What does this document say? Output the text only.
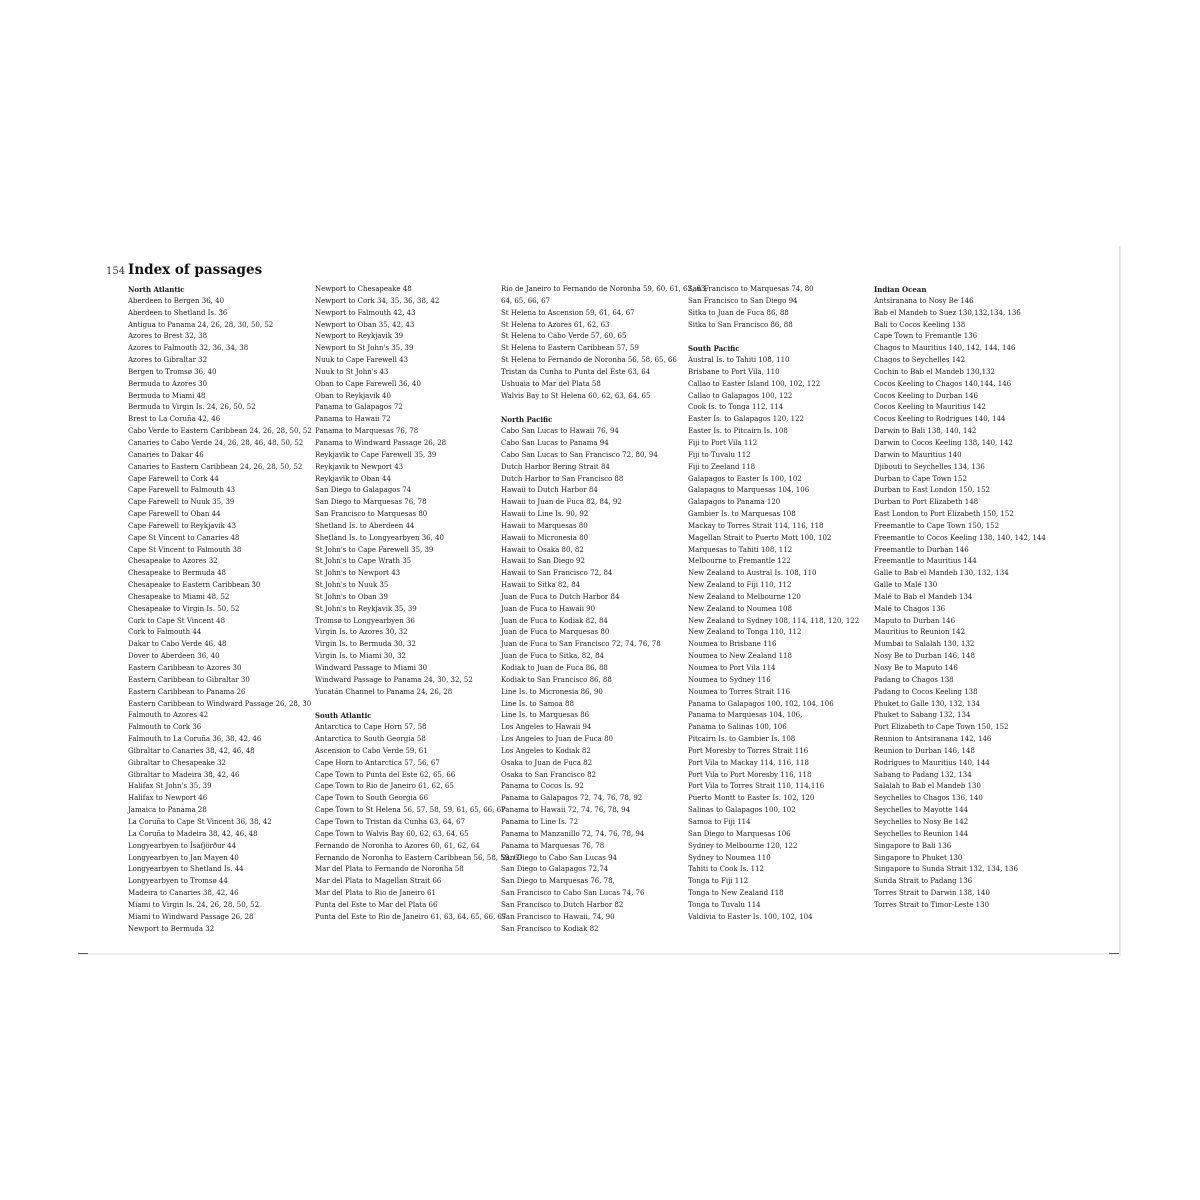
154 Index of passages
North Atlantic
Aberdeen to Bergen 36, 40
Aberdeen to Shetland Is. 36
Antigua to Panama 24, 26, 28, 30, 50, 52
Azores to Brest 32, 38
Azores to Falmouth 32, 36, 34, 38
Azores to Gibraltar 32
Bergen to Tromsø 36, 40
Bermuda to Azores 30
Bermuda to Miami 48
Bermuda to Virgin Is. 24, 26, 50, 52
Brest to La Coruña 42, 46
Cabo Verde to Eastern Caribbean 24, 26, 28, 50, 52
Canaries to Cabo Verde 24, 26, 28, 46, 48, 50, 52
Canaries to Dakar 46
Canaries to Eastern Caribbean 24, 26, 28, 50, 52
Cape Farewell to Cork 44
Cape Farewell to Falmouth 43
Cape Farewell to Nuuk 35, 39
Cape Farewell to Oban 44
Cape Farewell to Reykjavik 43
Cape St Vincent to Canaries 48
Cape St Vincent to Falmouth 38
Chesapeake to Azores 32
Chesapeake to Bermuda 48
Chesapeake to Eastern Caribbean 30
Chesapeake to Miami 48, 52
Chesapeake to Virgin Is. 50, 52
Cork to Cape St Vincent 48
Cork to Falmouth 44
Dakar to Cabo Verde 46, 48
Dover to Aberdeen 36, 40
Eastern Caribbean to Azores 30
Eastern Caribbean to Gibraltar 30
Eastern Caribbean to Panama 26
Eastern Caribbean to Windward Passage 26, 28, 30
Falmouth to Azores 42
Falmouth to Cork 36
Falmouth to La Coruña 36, 38, 42, 46
Gibraltar to Canaries 38, 42, 46, 48
Gibraltar to Chesapeake 32
Gibraltar to Madeira 38, 42, 46
Halifax St John's 35, 39
Halifax to Newport 46
Jamaica to Panama 28
La Coruña to Cape St Vincent 36, 38, 42
La Coruña to Madeira 38, 42, 46, 48
Longyearbyen to Ísafjörður 44
Longyearbyen to Jan Mayen 40
Longyearbyen to Shetland Is. 44
Longyearbyen to Tromsø 44
Madeira to Canaries 38, 42, 46
Miami to Virgin Is. 24, 26, 28, 50, 52
Miami to Windward Passage 26, 28
Newport to Bermuda 32
Newport to Chesapeake 48
Newport to Cork 34, 35, 36, 38, 42
Newport to Falmouth 42, 43
Newport to Oban 35, 42, 43
Newport to Reykjavik 39
Newport to St John's 35, 39
Nuuk to Cape Farewell 43
Nuuk to St John's 43
Oban to Cape Farewell 36, 40
Oban to Reykjavik 40
Panama to Galapagos 72
Panama to Hawaii 72
Panama to Marquesas 76, 78
Panama to Windward Passage 26, 28
Reykjavik to Cape Farewell 35, 39
Reykjavik to Newport 43
Reykjavik to Oban 44
San Diego to Galapagos 74
San Diego to Marquesas 76, 78
San Francisco to Marquesas 80
Shetland Is. to Aberdeen 44
Shetland Is. to Longyearbyen 36, 40
St John's to Cape Farewell 35, 39
St John's to Cape Wrath 35
St John's to Newport 43
St John's to Nuuk 35
St John's to Oban 39
St John's to Reykjavik 35, 39
Tromsø to Longyearbyen 36
Virgin Is. to Azores 30, 32
Virgin Is. to Bermuda 30, 32
Virgin Is. to Miami 30, 32
Windward Passage to Miami 30
Windward Passage to Panama 24, 30, 32, 52
Yucatán Channel to Panama 24, 26, 28
South Atlantic
Antarctica to Cape Horn 57, 58
Antarctica to South Georgia 58
Ascension to Cabo Verde 59, 61
Cape Horn to Antarctica 57, 56, 67
Cape Town to Punta del Este 62, 65, 66
Cape Town to Rio de Janeiro 61, 62, 65
Cape Town to South Georgia 66
Cape Town to St Helena 56, 57, 58, 59, 61, 65, 66, 67
Cape Town to Tristan da Cunha 63, 64, 67
Cape Town to Walvis Bay 60, 62, 63, 64, 65
Fernando de Noronha to Azores 60, 61, 62, 64
Fernando de Noronha to Eastern Caribbean 56, 58, 59, 67
Mar del Plata to Fernando de Noronha 58
Mar del Plata to Magellan Strait 66
Mar del Plata to Rio de Janeiro 61
Punta del Este to Mar del Plata 66
Punta del Este to Rio de Janeiro 61, 63, 64, 65, 66, 67
Rio de Janeiro to Fernando de Noronha 59, 60, 61, 62, 63,
64, 65, 66, 67
St Helena to Ascension 59, 61, 64, 67
St Helena to Azores 61, 62, 63
St Helena to Cabo Verde 57, 60, 65
St Helena to Eastern Caribbean 57, 59
St Helena to Fernando de Noronha 56, 58, 65, 66
Tristan da Cunha to Punta del Este 63, 64
Ushuaia to Mar del Plata 58
Walvis Bay to St Helena 60, 62, 63, 64, 65
North Pacific
Cabo San Lucas to Hawaii 76, 94
Cabo San Lucas to Panama 94
Cabo San Lucas to San Francisco 72, 80, 94
Dutch Harbor Bering Strait 84
Dutch Harbor to San Francisco 88
Hawaii to Dutch Harbor 84
Hawaii to Juan de Fuca 82, 84, 92
Hawaii to Line Is. 90, 92
Hawaii to Marquesas 80
Hawaii to Micronesia 80
Hawaii to Osaka 80, 82
Hawaii to San Diego 92
Hawaii to San Francisco 72, 84
Hawaii to Sitka 82, 84
Juan de Fuca to Dutch Harbor 84
Juan de Fuca to Hawaii 90
Juan de Fuca to Kodiak 82, 84
Juan de Fuca to Marquesas 80
Juan de Fuca to San Francisco 72, 74, 76, 78
Juan de Fuca to Sitka, 82, 84
Kodiak to Juan de Fuca 86, 88
Kodiak to San Francisco 86, 88
Line Is. to Micronesia 86, 90
Line Is. to Samoa 88
Line Is. to Marquesas 86
Los Angeles to Hawaii 94
Los Angeles to Juan de Fuca 80
Los Angeles to Kodiak 82
Osaka to Juan de Fuca 82
Osaka to San Francisco 82
Panama to Cocos Is. 92
Panama to Galapagos 72, 74, 76, 78, 92
Panama to Hawaii 72, 74, 76, 78, 94
Panama to Line Is. 72
Panama to Manzanillo 72, 74, 76, 78, 94
Panama to Marquesas 76, 78
San Diego to Cabo San Lucas 94
San Diego to Galapagos 72,74
San Diego to Marquesas 76, 78,
San Francisco to Cabo San Lucas 74, 76
San Francisco to Dutch Harbor 82
San Francisco to Hawaii, 74, 90
San Francisco to Kodiak 82
San Francisco to Marquesas 74, 80
San Francisco to San Diego 94
Sitka to Juan de Fuca 86, 88
Sitka to San Francisco 86, 88
South Pacific
Austral Is. to Tahiti 108, 110
Brisbane to Port Vila, 110
Callao to Easter Island 100, 102, 122
Callao to Galapagos 100, 122
Cook Is. to Tonga 112, 114
Easter Is. to Galapagos 120, 122
Easter Is. to Pitcairn Is. 108
Fiji to Port Vila 112
Fiji to Tuvalu 112
Fiji to Zeeland 118
Galapagos to Easter Is 100, 102
Galapagos to Marquesas 104, 106
Galapagos to Panama 120
Gambier Is. to Marquesas 108
Mackay to Torres Strait 114, 116, 118
Magellan Strait to Puerto Mott 100, 102
Marquesas to Tahiti 108, 112
Melbourne to Fremantle 122
New Zealand to Austral Is. 108, 110
New Zealand to Fiji 110, 112
New Zealand to Melbourne 120
New Zealand to Noumea 108
New Zealand to Sydney 108, 114, 118, 120, 122
New Zealand to Tonga 110, 112
Noumea to Brisbane 116
Noumea to New Zealand 118
Noumea to Port Vila 114
Noumea to Sydney 116
Noumea to Torres Strait 116
Panama to Galapagos 100, 102, 104, 106
Panama to Marquesas 104, 106,
Panama to Salinas 100, 106
Pitcairn Is. to Gambier Is. 108
Port Moresby to Torres Strait 116
Port Vila to Mackay 114, 116, 118
Port Vila to Port Moresby 116, 118
Port Vila to Torres Strait 110, 114,116
Puerto Montt to Easter Is. 102, 120
Salinas to Galapagos 100, 102
Samoa to Fiji 114
San Diego to Marquesas 106
Sydney to Melbourne 120, 122
Sydney to Noumea 110
Tahiti to Cook Is. 112
Tonga to Fiji 112
Tonga to New Zealand 118
Tonga to Tuvalu 114
Valdivia to Easter Is. 100, 102, 104
Indian Ocean
Antsiranana to Nosy Be 146
Bab el Mandeb to Suez 130,132,134, 136
Bali to Cocos Keeling 138
Cape Town to Fremantle 136
Chagos to Mauritius 140, 142, 144, 146
Chagos to Seychelles 142
Cochin to Bab el Mandeb 130,132
Cocos Keeling to Chagos 140,144, 146
Cocos Keeling to Durban 146
Cocos Keeling to Mauritius 142
Cocos Keeling to Rodrigues 140, 144
Darwin to Bali 138, 140, 142
Darwin to Cocos Keeling 138, 140, 142
Darwin to Mauritius 140
Djibouti to Seychelles 134, 136
Durban to Cape Town 152
Durban to East London 150, 152
Durban to Port Elizabeth 148
East London to Port Elizabeth 150, 152
Freemantle to Cape Town 150, 152
Freemantle to Cocos Keeling 138, 140, 142, 144
Freemantle to Durban 146
Freemantle to Mauritius 144
Galle to Bab el Mandeb 130, 132, 134
Galle to Malé 130
Malé to Bab el Mandeb 134
Malé to Chagos 136
Maputo to Durban 146
Mauritius to Reunion 142
Mumbai to Salalah 130, 132
Nosy Be to Durban 146, 148
Nosy Be to Maputo 146
Padang to Chagos 138
Padang to Cocos Keeling 138
Phuket to Galle 130, 132, 134
Phuket to Sabang 132, 134
Port Elizabeth to Cape Town 150, 152
Reunion to Antsiranana 142, 146
Reunion to Durban 146, 148
Rodrigues to Mauritius 140, 144
Sabang to Padang 132, 134
Salalah to Bab el Mandeb 130
Seychelles to Chagos 136, 140
Seychelles to Mayotte 144
Seychelles to Nosy Be 142
Seychelles to Reunion 144
Singapore to Bali 136
Singapore to Phuket 130
Singapore to Sunda Strait 132, 134, 136
Sunda Strait to Padang 136
Torres Strait to Darwin 138, 140
Torres Strait to Timor-Leste 130
